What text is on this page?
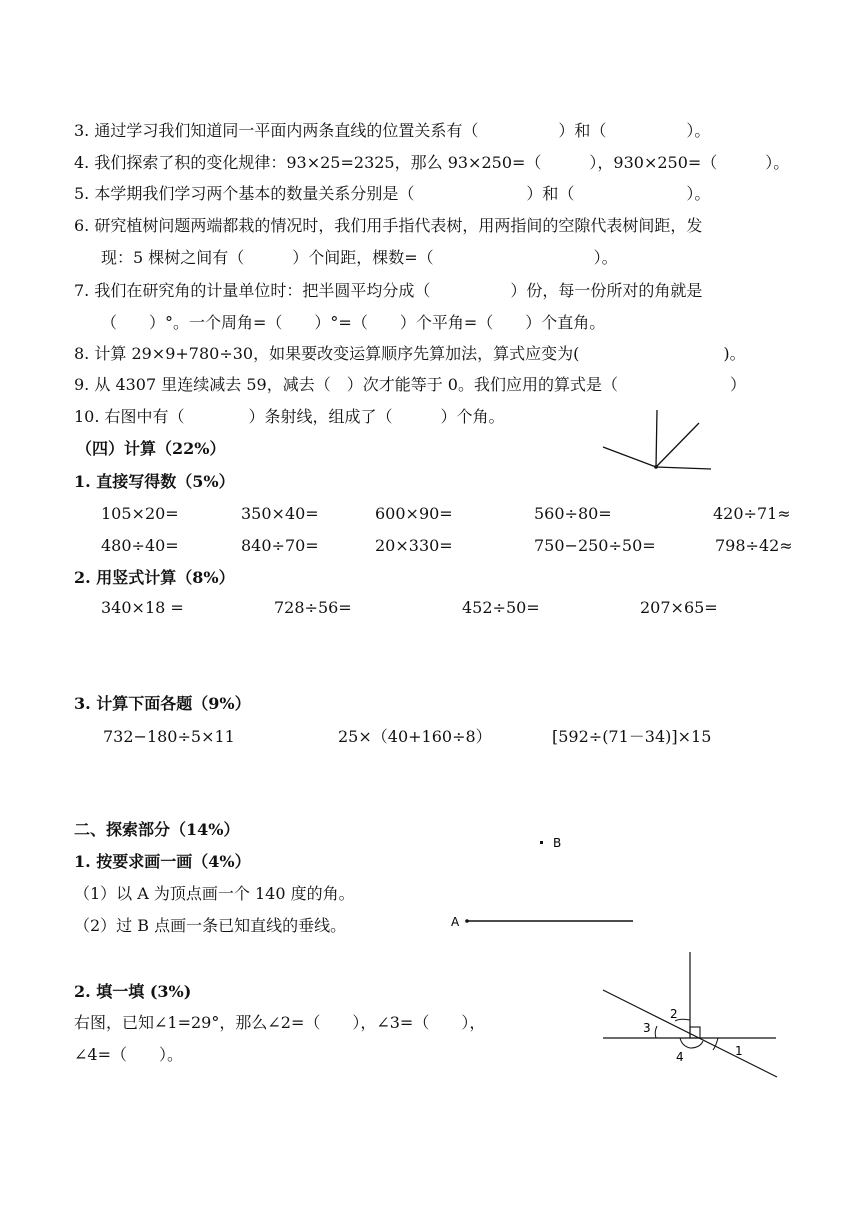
3. 通过学习我们知道同一平面内两条直线的位置关系有（　　　　　）和（　　　　　）。
4. 我们探索了积的变化规律：93×25=2325，那么 93×250=（　　　），930×250=（　　　）。
5. 本学期我们学习两个基本的数量关系分别是（　　　　　　　）和（　　　　　　　）。
6. 研究植树问题两端都栽的情况时，我们用手指代表树，用两指间的空隙代表树间距，发
现：5 棵树之间有（　　　）个间距，棵数=（　　　　　　　　　　）。
7. 我们在研究角的计量单位时：把半圆平均分成（　　　　　）份，每一份所对的角就是
（　　）°。一个周角=（　　）°=（　　）个平角=（　　）个直角。
8. 计算 29×9+780÷30，如果要改变运算顺序先算加法，算式应变为(　　　　　　　　　)。
9. 从 4307 里连续减去 59，减去（　）次才能等于 0。我们应用的算式是（　　　　　　　）
10. 右图中有（　　　　）条射线，组成了（　　　）个角。
（四）计算（22%）
1. 直接写得数（5%）
105×20=	350×40=	600×90=	560÷80=	420÷71≈
480÷40=	840÷70=	20×330=	750−250÷50=	798÷42≈
2. 用竖式计算（8%）
340×18 =	728÷56=	452÷50=	207×65=
3. 计算下面各题（9%）
732−180÷5×11	25×（40+160÷8）	[592÷(71－34)]×15
二、探索部分（14%）
1. 按要求画一画（4%）
（1）以 A 为顶点画一个 140 度的角。
（2）过 B 点画一条已知直线的垂线。
B
A
2. 填一填 (3%)
右图，已知∠1=29°，那么∠2=（　　），∠3=（　　），
∠4=（　　）。
3
2
4	1
